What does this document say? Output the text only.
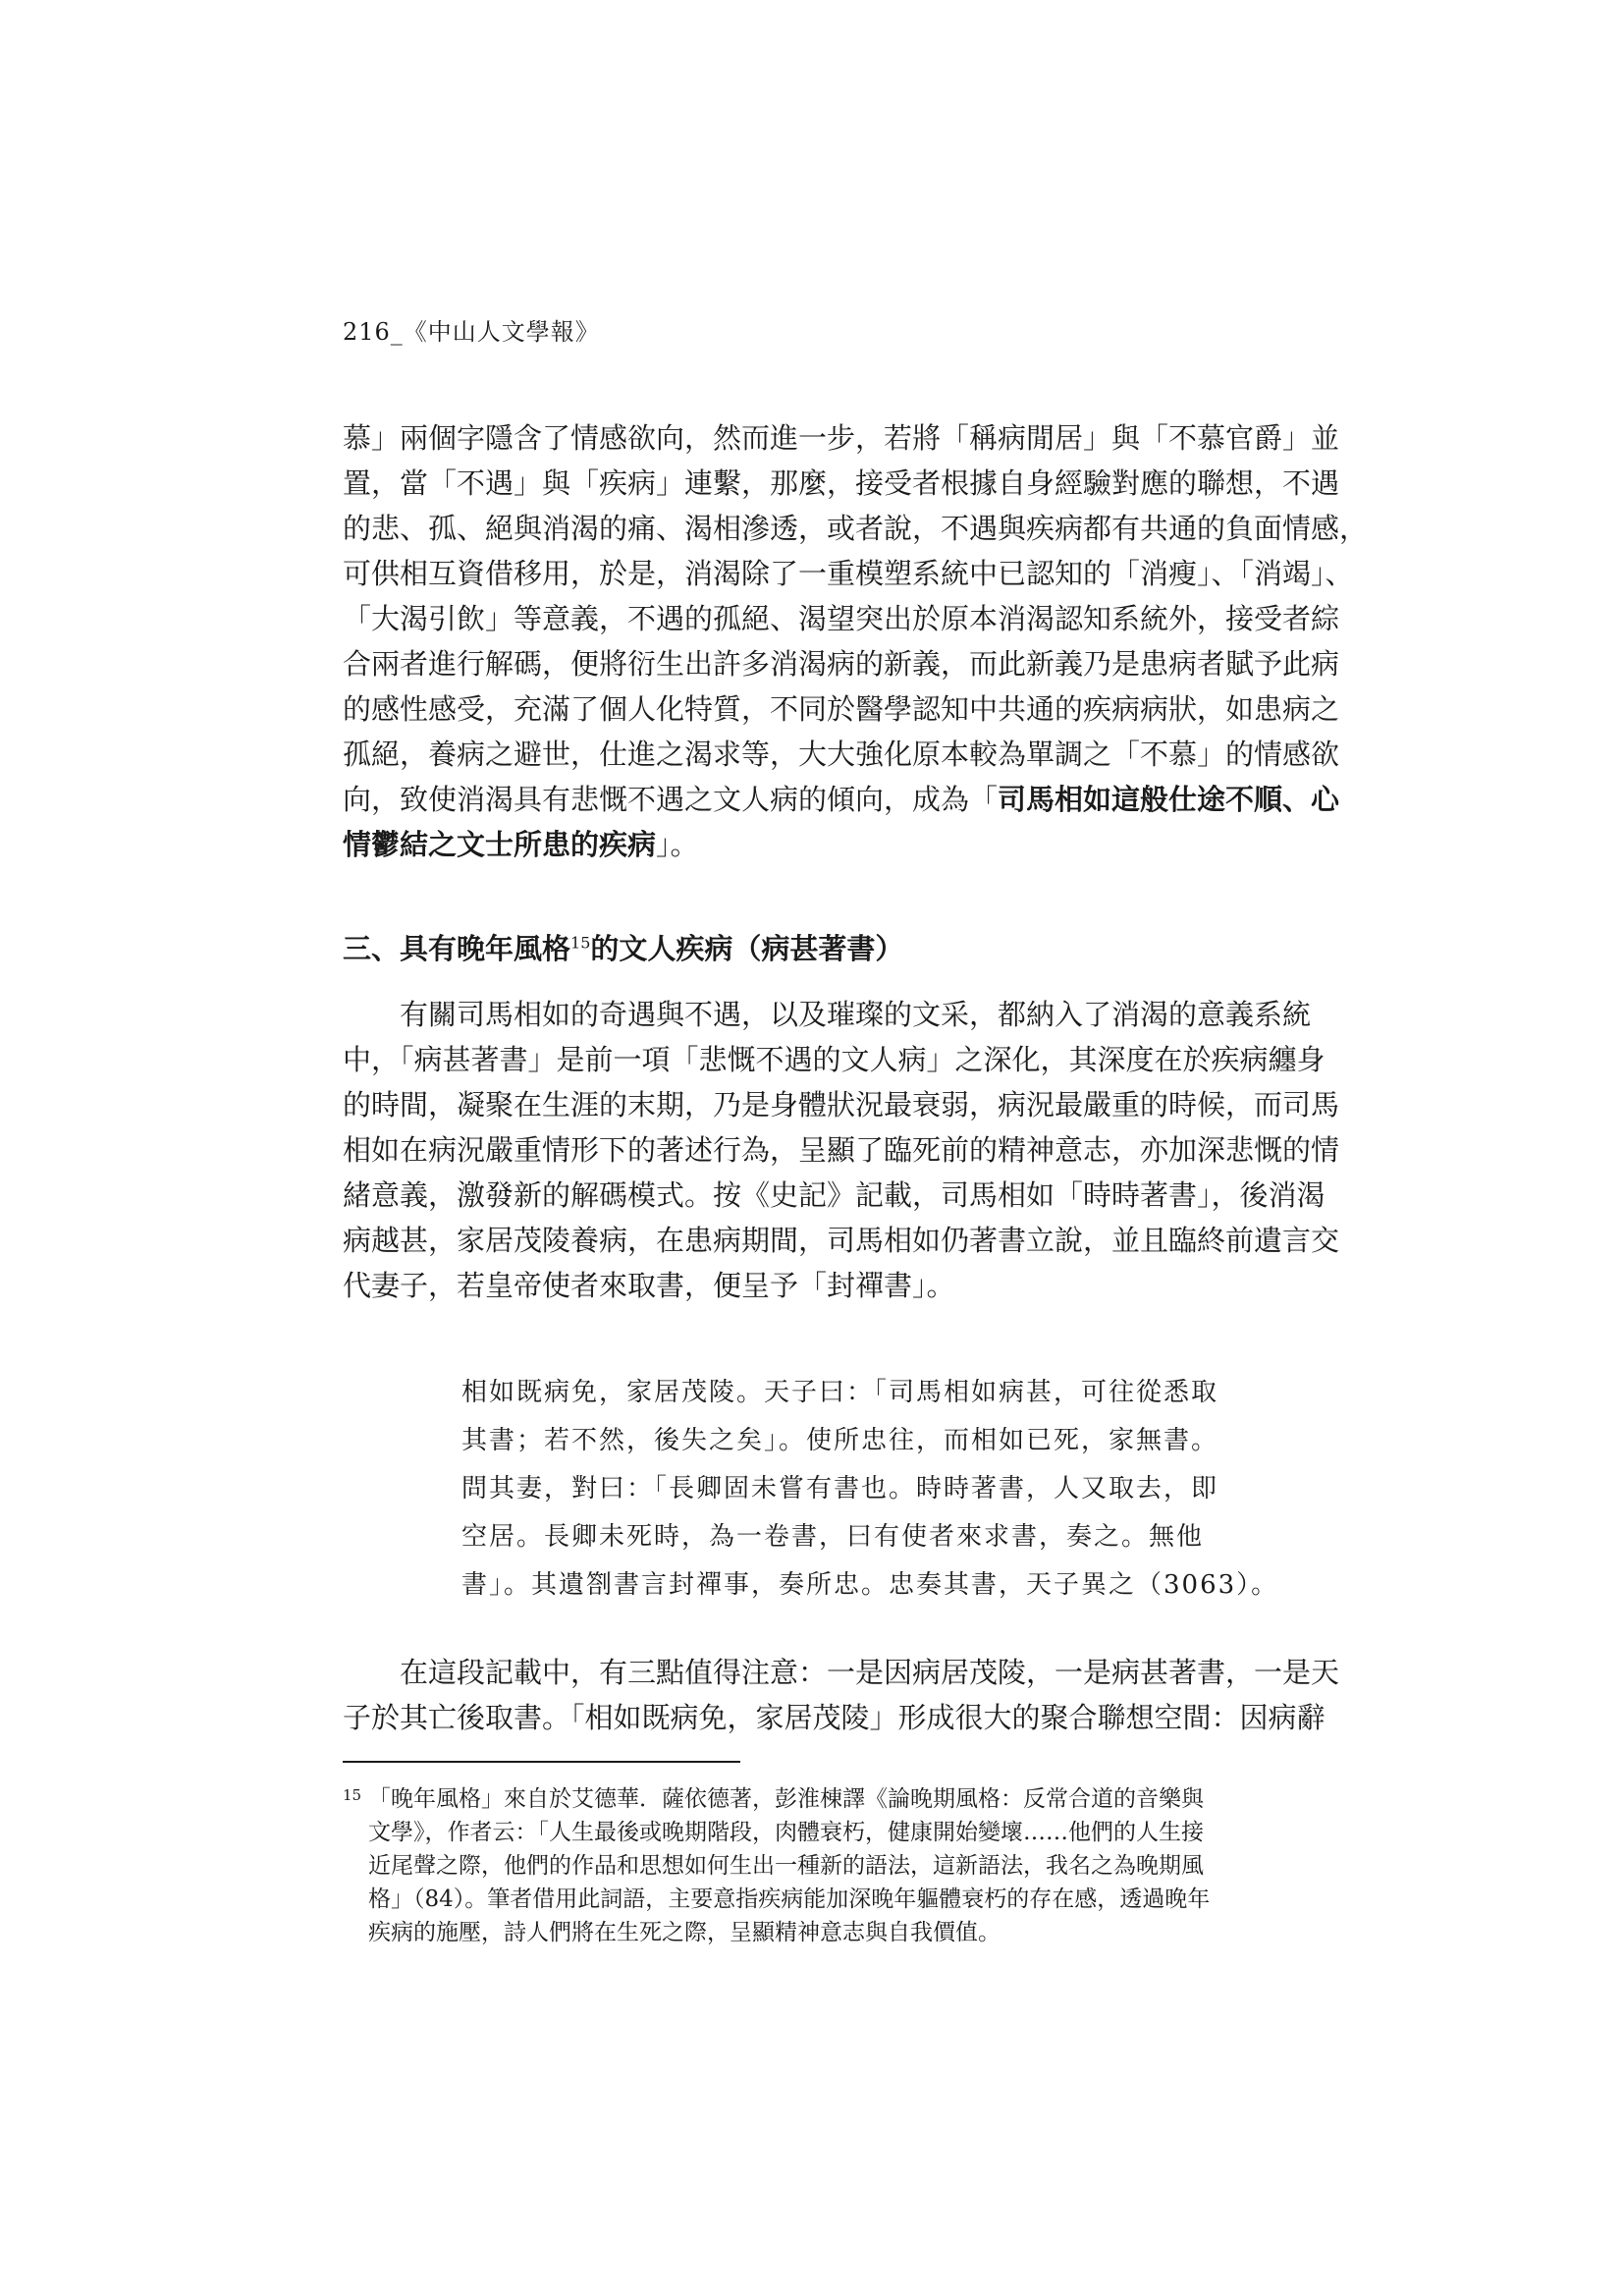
216_《中山人文學報》
慕」兩個字隱含了情感欲向，然而進一步，若將「稱病閒居」與「不慕官爵」並
置，當「不遇」與「疾病」連繫，那麼，接受者根據自身經驗對應的聯想，不遇
的悲、孤、絕與消渴的痛、渴相滲透，或者說，不遇與疾病都有共通的負面情感，
可供相互資借移用，於是，消渴除了一重模塑系統中已認知的「消瘦」、「消竭」、
「大渴引飲」等意義，不遇的孤絕、渴望突出於原本消渴認知系統外，接受者綜
合兩者進行解碼，便將衍生出許多消渴病的新義，而此新義乃是患病者賦予此病
的感性感受，充滿了個人化特質，不同於醫學認知中共通的疾病病狀，如患病之
孤絕，養病之避世，仕進之渴求等，大大強化原本較為單調之「不慕」的情感欲
向，致使消渴具有悲慨不遇之文人病的傾向，成為「司馬相如這般仕途不順、心
情鬱結之文士所患的疾病」。
三、具有晚年風格$^{15}$的文人疾病（病甚著書）
　　有關司馬相如的奇遇與不遇，以及璀璨的文采，都納入了消渴的意義系統
中，「病甚著書」是前一項「悲慨不遇的文人病」之深化，其深度在於疾病纏身
的時間，凝聚在生涯的末期，乃是身體狀況最衰弱，病況最嚴重的時候，而司馬
相如在病況嚴重情形下的著述行為，呈顯了臨死前的精神意志，亦加深悲慨的情
緒意義，激發新的解碼模式。按《史記》記載，司馬相如「時時著書」，後消渴
病越甚，家居茂陵養病，在患病期間，司馬相如仍著書立說，並且臨終前遺言交
代妻子，若皇帝使者來取書，便呈予「封禪書」。
相如既病免，家居茂陵。天子曰：「司馬相如病甚，可往從悉取
其書；若不然，後失之矣」。使所忠往，而相如已死，家無書。
問其妻，對曰：「長卿固未嘗有書也。時時著書，人又取去，即
空居。長卿未死時，為一卷書，曰有使者來求書，奏之。無他
書」。其遺劄書言封禪事，奏所忠。忠奏其書，天子異之（3063）。
　　在這段記載中，有三點值得注意：一是因病居茂陵，一是病甚著書，一是天
子於其亡後取書。「相如既病免，家居茂陵」形成很大的聚合聯想空間：因病辭
15 「晚年風格」來自於艾德華．薩依德著，彭淮棟譯《論晚期風格：反常合道的音樂與
文學》，作者云：「人生最後或晚期階段，肉體衰朽，健康開始變壞……他們的人生接
近尾聲之際，他們的作品和思想如何生出一種新的語法，這新語法，我名之為晚期風
格」（84）。筆者借用此詞語，主要意指疾病能加深晚年軀體衰朽的存在感，透過晚年
疾病的施壓，詩人們將在生死之際，呈顯精神意志與自我價值。
